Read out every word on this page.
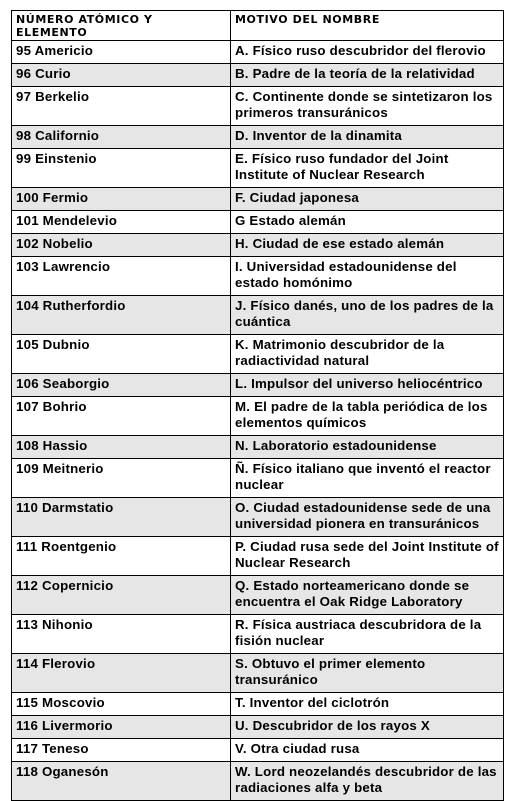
NÚMERO ATÓMICO Y ELEMENTO	MOTIVO DEL NOMBRE
95 Americio	A. Físico ruso descubridor del flerovio
96 Curio	B. Padre de la teoría de la relatividad
97 Berkelio	C. Continente donde se sintetizaron los primeros transuránicos
98 Californio	D. Inventor de la dinamita
99 Einstenio	E. Físico ruso fundador del Joint Institute of Nuclear Research
100 Fermio	F. Ciudad japonesa
101 Mendelevio	G Estado alemán
102 Nobelio	H. Ciudad de ese estado alemán
103 Lawrencio	I. Universidad estadounidense del estado homónimo
104 Rutherfordio	J. Físico danés, uno de los padres de la cuántica
105 Dubnio	K. Matrimonio descubridor de la radiactividad natural
106 Seaborgio	L. Impulsor del universo heliocéntrico
107 Bohrio	M. El padre de la tabla periódica de los elementos químicos
108 Hassio	N. Laboratorio estadounidense
109 Meitnerio	Ñ. Físico italiano que inventó el reactor nuclear
110 Darmstatio	O. Ciudad estadounidense sede de una universidad pionera en transuránicos
111 Roentgenio	P. Ciudad rusa sede del Joint Institute of Nuclear Research
112 Copernicio	Q. Estado norteamericano donde se encuentra el Oak Ridge Laboratory
113 Nihonio	R. Física austriaca descubridora de la fisión nuclear
114 Flerovio	S. Obtuvo el primer elemento transuránico
115 Moscovio	T. Inventor del ciclotrón
116 Livermorio	U. Descubridor de los rayos X
117 Teneso	V. Otra ciudad rusa
118 Oganesón	W. Lord neozelandés descubridor de las radiaciones alfa y beta
